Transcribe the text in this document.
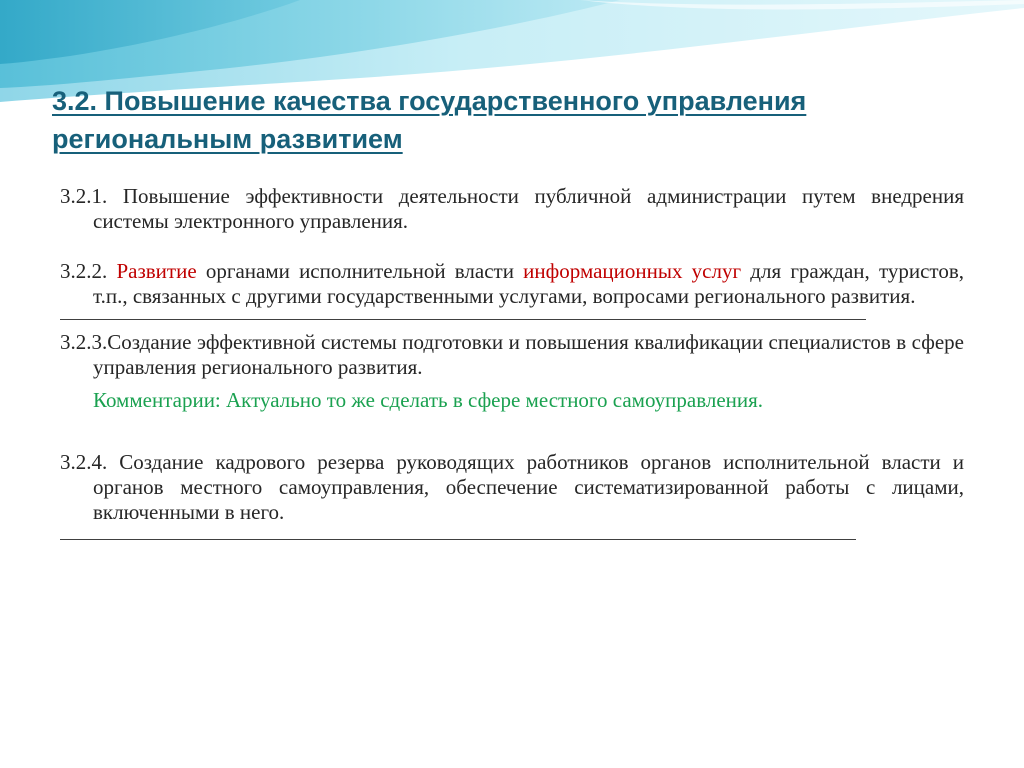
3.2. Повышение качества государственного управления региональным развитием
3.2.1. Повышение эффективности деятельности публичной администрации путем внедрения системы электронного управления.
3.2.2. Развитие органами исполнительной власти информационных услуг для граждан, туристов, т.п., связанных с другими государственными услугами, вопросами регионального развития.
3.2.3.Создание эффективной системы подготовки и повышения квалификации специалистов в сфере управления регионального развития.
Комментарии: Актуально то же сделать в сфере местного самоуправления.
3.2.4. Создание кадрового резерва руководящих работников органов исполнительной власти и органов местного самоуправления, обеспечение систематизированной работы с лицами, включенными в него.
